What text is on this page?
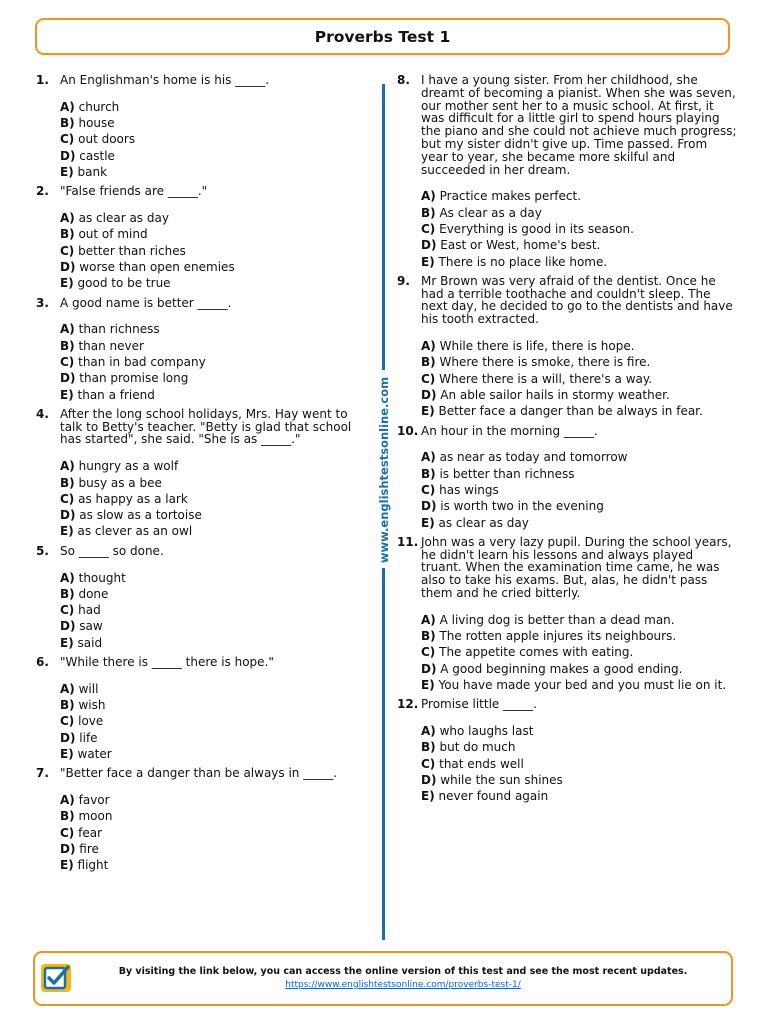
Proverbs Test 1
1. An Englishman's home is his _____.
A) church
B) house
C) out doors
D) castle
E) bank
2. "False friends are _____."
A) as clear as day
B) out of mind
C) better than riches
D) worse than open enemies
E) good to be true
3. A good name is better _____.
A) than richness
B) than never
C) than in bad company
D) than promise long
E) than a friend
4. After the long school holidays, Mrs. Hay went to talk to Betty's teacher. "Betty is glad that school has started", she said. "She is as _____."
A) hungry as a wolf
B) busy as a bee
C) as happy as a lark
D) as slow as a tortoise
E) as clever as an owl
5. So _____ so done.
A) thought
B) done
C) had
D) saw
E) said
6. "While there is _____ there is hope."
A) will
B) wish
C) love
D) life
E) water
7. "Better face a danger than be always in _____.
A) favor
B) moon
C) fear
D) fire
E) flight
www.englishtestsonline.com
8. I have a young sister. From her childhood, she dreamt of becoming a pianist. When she was seven, our mother sent her to a music school. At first, it was difficult for a little girl to spend hours playing the piano and she could not achieve much progress; but my sister didn't give up. Time passed. From year to year, she became more skilful and succeeded in her dream.
A) Practice makes perfect.
B) As clear as a day
C) Everything is good in its season.
D) East or West, home's best.
E) There is no place like home.
9. Mr Brown was very afraid of the dentist. Once he had a terrible toothache and couldn't sleep. The next day, he decided to go to the dentists and have his tooth extracted.
A) While there is life, there is hope.
B) Where there is smoke, there is fire.
C) Where there is a will, there's a way.
D) An able sailor hails in stormy weather.
E) Better face a danger than be always in fear.
10. An hour in the morning _____.
A) as near as today and tomorrow
B) is better than richness
C) has wings
D) is worth two in the evening
E) as clear as day
11. John was a very lazy pupil. During the school years, he didn't learn his lessons and always played truant. When the examination time came, he was also to take his exams. But, alas, he didn't pass them and he cried bitterly.
A) A living dog is better than a dead man.
B) The rotten apple injures its neighbours.
C) The appetite comes with eating.
D) A good beginning makes a good ending.
E) You have made your bed and you must lie on it.
12. Promise little _____.
A) who laughs last
B) but do much
C) that ends well
D) while the sun shines
E) never found again
By visiting the link below, you can access the online version of this test and see the most recent updates.
https://www.englishtestsonline.com/proverbs-test-1/
